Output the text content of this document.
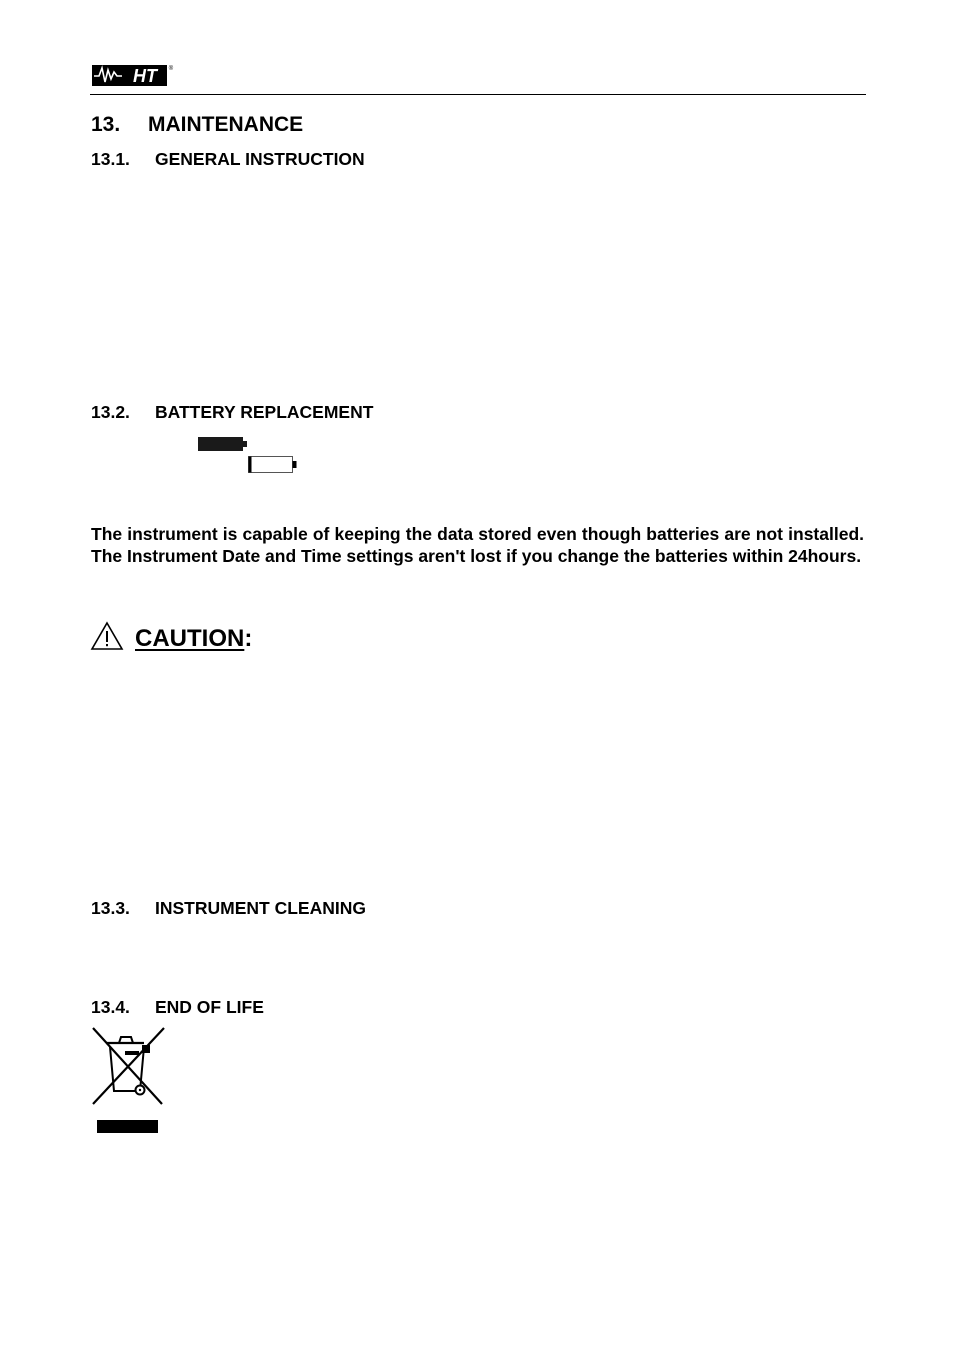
HT	®
13. MAINTENANCE
13.1. GENERAL INSTRUCTION
13.2. BATTERY REPLACEMENT

The instrument is capable of keeping the data stored even though batteries are not installed. The Instrument Date and Time settings aren't lost if you change the batteries within 24hours.

CAUTION:
13.3. INSTRUMENT CLEANING
13.4. END OF LIFE
